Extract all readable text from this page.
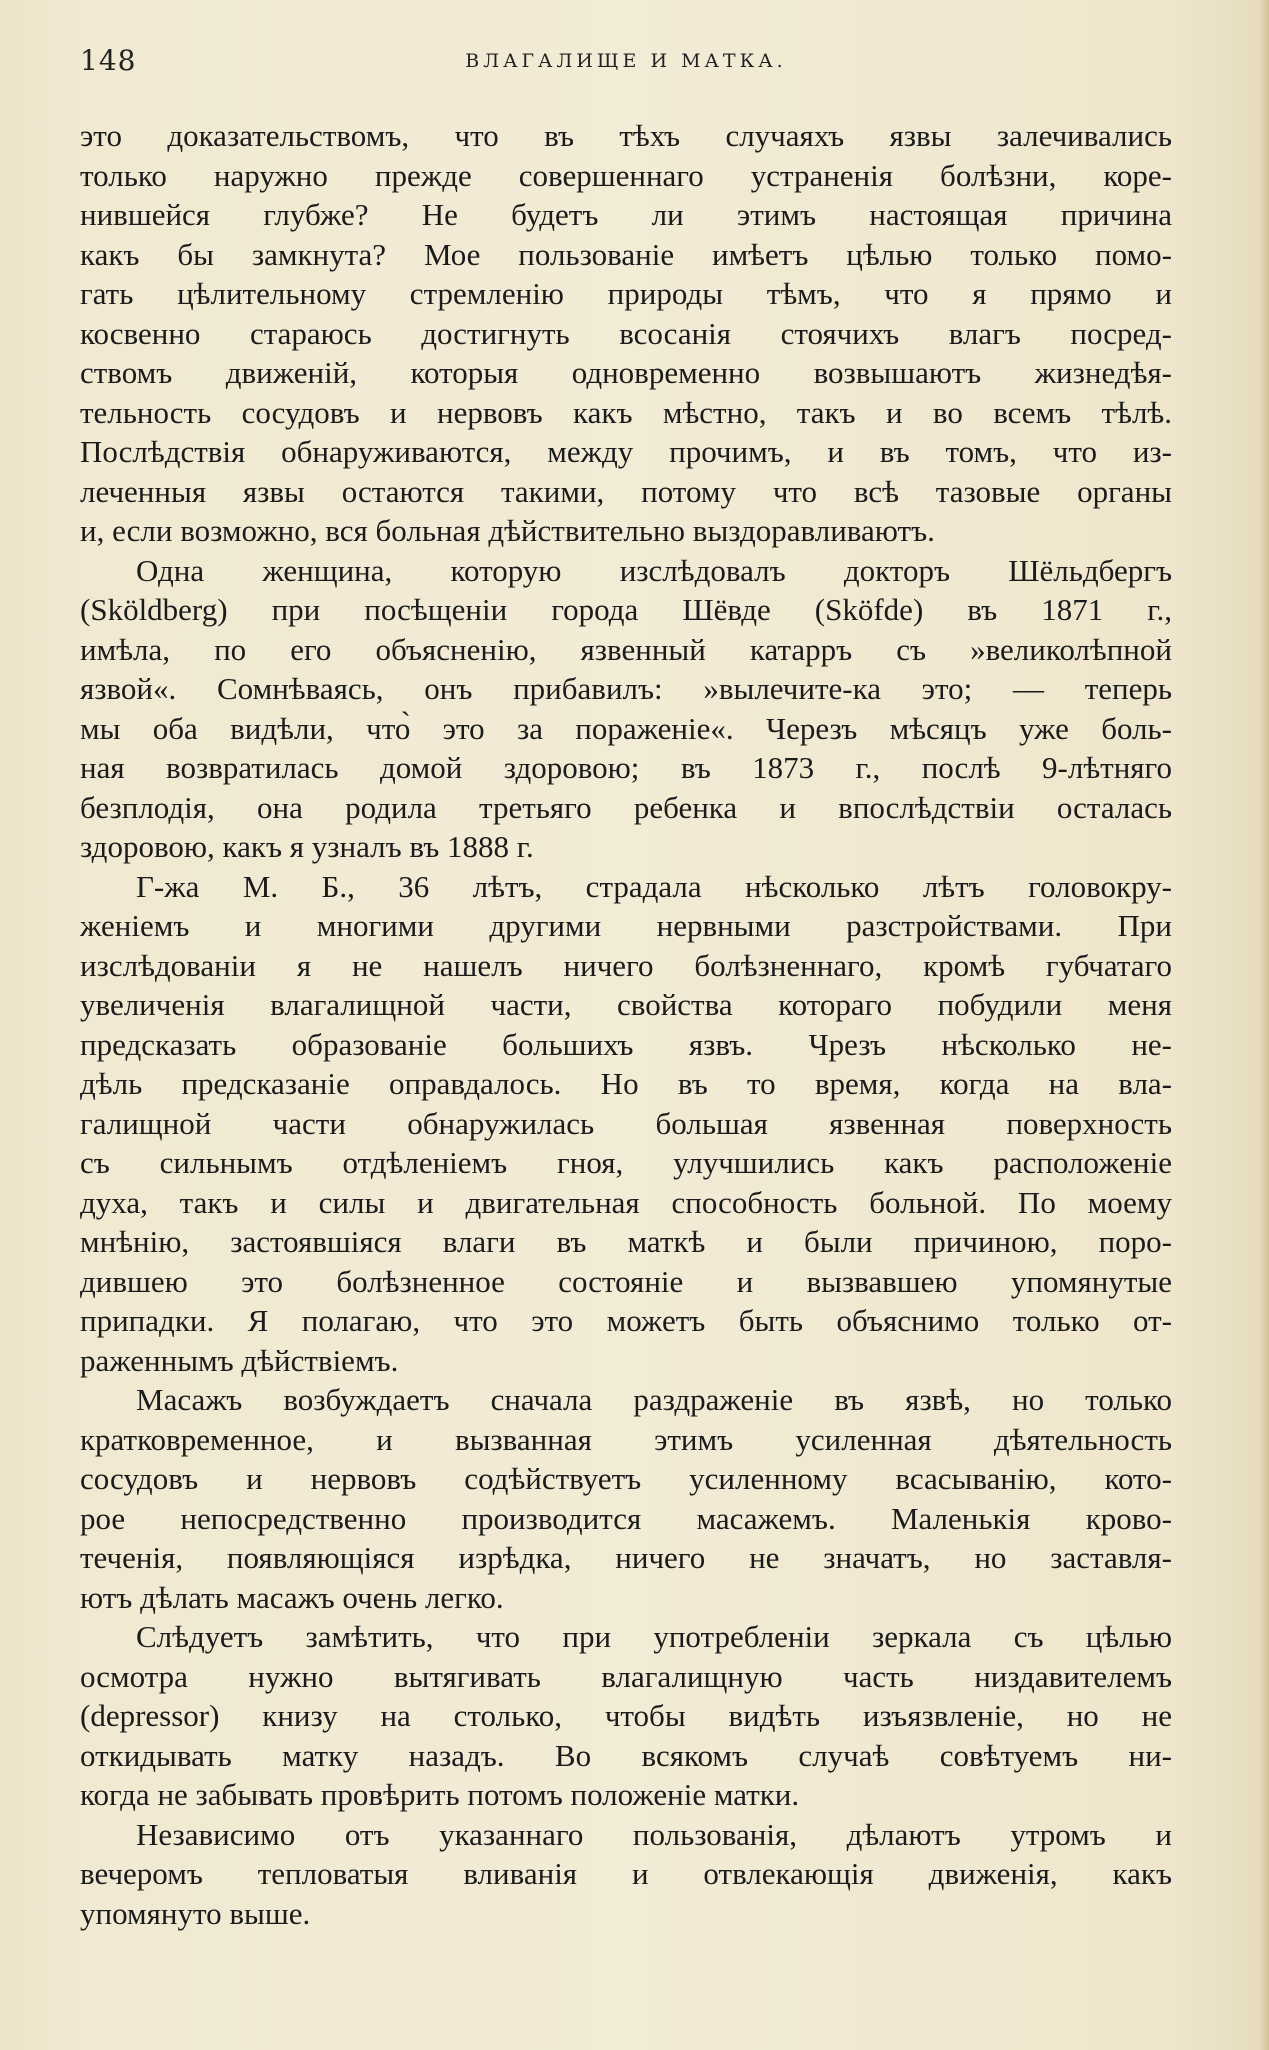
148	ВЛАГАЛИЩЕ И МАТКА.
это доказательствомъ, что въ тѣхъ случаяхъ язвы залечивались
только наружно прежде совершеннаго устраненія болѣзни, коре-
нившейся глубже? Не будетъ ли этимъ настоящая причина
какъ бы замкнута? Мое пользованіе имѣетъ цѣлью только помо-
гать цѣлительному стремленію природы тѣмъ, что я прямо и
косвенно стараюсь достигнуть всосанія стоячихъ влагъ посред-
ствомъ движеній, которыя одновременно возвышаютъ жизнедѣя-
тельность сосудовъ и нервовъ какъ мѣстно, такъ и во всемъ тѣлѣ.
Послѣдствія обнаруживаются, между прочимъ, и въ томъ, что из-
леченныя язвы остаются такими, потому что всѣ тазовые органы
и, если возможно, вся больная дѣйствительно выздоравливаютъ.
Одна женщина, которую изслѣдовалъ докторъ Шёльдбергъ
(Sköldberg) при посѣщеніи города Шёвде (Sköfde) въ 1871 г.,
имѣла, по его объясненію, язвенный катарръ съ »великолѣпной
язвой«. Сомнѣваясь, онъ прибавилъ: »вылечите-ка это; — теперь
мы оба видѣли, что̀ это за пораженіе«. Черезъ мѣсяцъ уже боль-
ная возвратилась домой здоровою; въ 1873 г., послѣ 9-лѣтняго
безплодія, она родила третьяго ребенка и впослѣдствіи осталась
здоровою, какъ я узналъ въ 1888 г.
Г-жа М. Б., 36 лѣтъ, страдала нѣсколько лѣтъ головокру-
женіемъ и многими другими нервными разстройствами. При
изслѣдованіи я не нашелъ ничего болѣзненнаго, кромѣ губчатаго
увеличенія влагалищной части, свойства котораго побудили меня
предсказать образованіе большихъ язвъ. Чрезъ нѣсколько не-
дѣль предсказаніе оправдалось. Но въ то время, когда на вла-
галищной части обнаружилась большая язвенная поверхность
съ сильнымъ отдѣленіемъ гноя, улучшились какъ расположеніе
духа, такъ и силы и двигательная способность больной. По моему
мнѣнію, застоявшіяся влаги въ маткѣ и были причиною, поро-
дившею это болѣзненное состояніе и вызвавшею упомянутые
припадки. Я полагаю, что это можетъ быть объяснимо только от-
раженнымъ дѣйствіемъ.
Масажъ возбуждаетъ сначала раздраженіе въ язвѣ, но только
кратковременное, и вызванная этимъ усиленная дѣятельность
сосудовъ и нервовъ содѣйствуетъ усиленному всасыванію, кото-
рое непосредственно производится масажемъ. Маленькія крово-
теченія, появляющіяся изрѣдка, ничего не значатъ, но заставля-
ютъ дѣлать масажъ очень легко.
Слѣдуетъ замѣтить, что при употребленіи зеркала съ цѣлью
осмотра нужно вытягивать влагалищную часть низдавителемъ
(depressor) книзу на столько, чтобы видѣть изъязвленіе, но не
откидывать матку назадъ. Во всякомъ случаѣ совѣтуемъ ни-
когда не забывать провѣрить потомъ положеніе матки.
Независимо отъ указаннаго пользованія, дѣлаютъ утромъ и
вечеромъ тепловатыя вливанія и отвлекающія движенія, какъ
упомянуто выше.
